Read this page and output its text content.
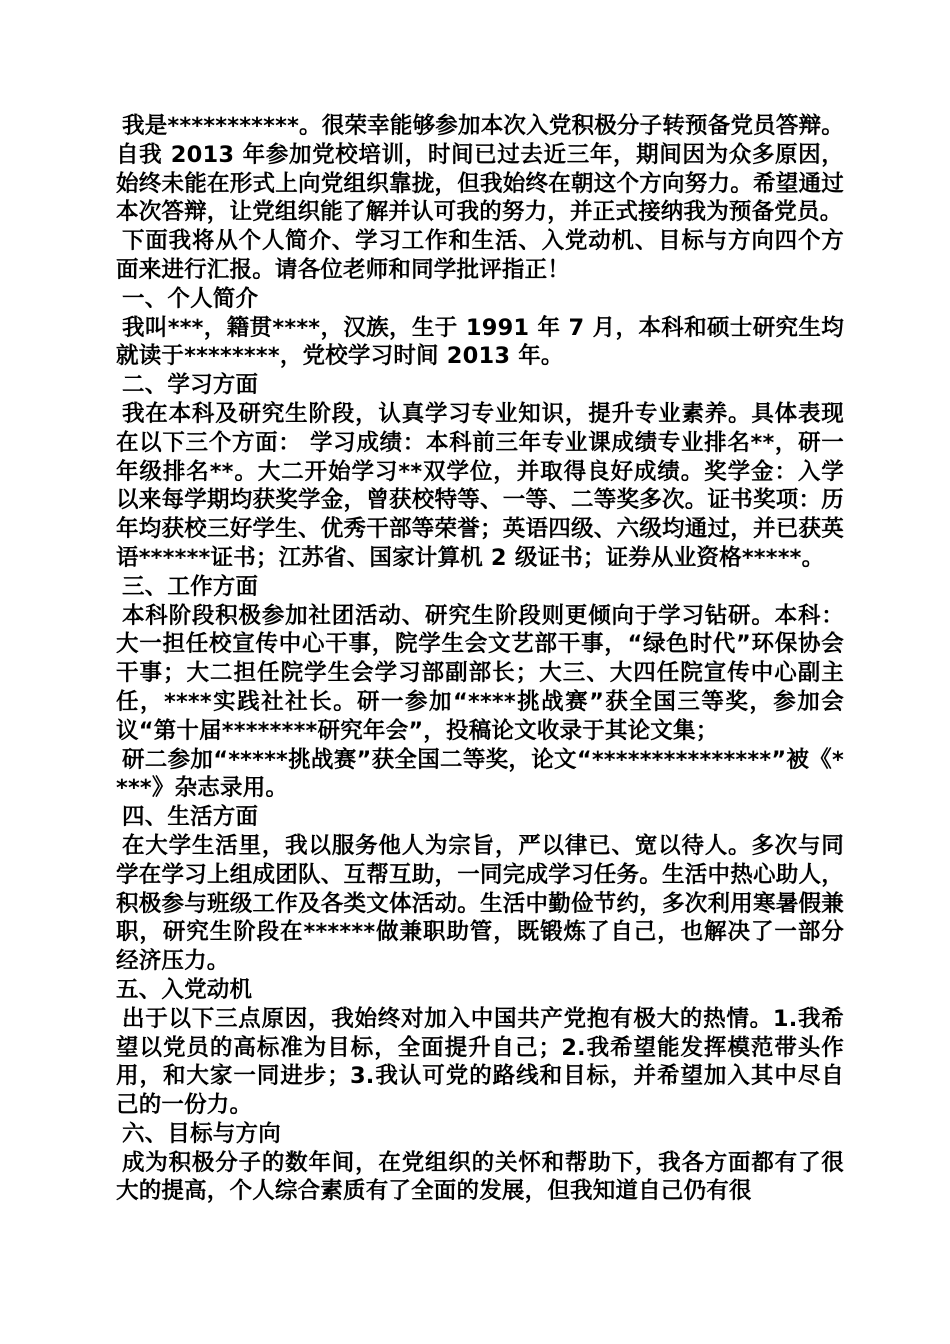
我是***********。很荣幸能够参加本次入党积极分子转预备党员答辩。自我 2013 年参加党校培训，时间已过去近三年，期间因为众多原因，始终未能在形式上向党组织靠拢，但我始终在朝这个方向努力。希望通过本次答辩，让党组织能了解并认可我的努力，并正式接纳我为预备党员。

下面我将从个人简介、学习工作和生活、入党动机、目标与方向四个方面来进行汇报。请各位老师和同学批评指正！

一、个人简介

我叫***，籍贯****，汉族，生于 1991 年 7 月，本科和硕士研究生均就读于********，党校学习时间 2013 年。

二、学习方面

我在本科及研究生阶段，认真学习专业知识，提升专业素养。具体表现在以下三个方面： 学习成绩：本科前三年专业课成绩专业排名**，研一年级排名**。大二开始学习**双学位，并取得良好成绩。奖学金：入学以来每学期均获奖学金，曾获校特等、一等、二等奖多次。证书奖项：历年均获校三好学生、优秀干部等荣誉；英语四级、六级均通过，并已获英语******证书；江苏省、国家计算机 2 级证书；证券从业资格*****。

三、工作方面

本科阶段积极参加社团活动、研究生阶段则更倾向于学习钻研。本科：大一担任校宣传中心干事，院学生会文艺部干事，“绿色时代”环保协会干事；大二担任院学生会学习部副部长；大三、大四任院宣传中心副主任，****实践社社长。研一参加“****挑战赛”获全国三等奖，参加会议“第十届********研究年会”，投稿论文收录于其论文集；

研二参加“*****挑战赛”获全国二等奖，论文“***************”被《****》杂志录用。

四、生活方面

在大学生活里，我以服务他人为宗旨，严以律已、宽以待人。多次与同学在学习上组成团队、互帮互助，一同完成学习任务。生活中热心助人，积极参与班级工作及各类文体活动。生活中勤俭节约，多次利用寒暑假兼职，研究生阶段在******做兼职助管，既锻炼了自己，也解决了一部分经济压力。

五、入党动机

出于以下三点原因，我始终对加入中国共产党抱有极大的热情。1.我希望以党员的高标准为目标，全面提升自己；2.我希望能发挥模范带头作用，和大家一同进步；3.我认可党的路线和目标，并希望加入其中尽自己的一份力。

六、目标与方向

成为积极分子的数年间，在党组织的关怀和帮助下，我各方面都有了很大的提高，个人综合素质有了全面的发展，但我知道自己仍有很
